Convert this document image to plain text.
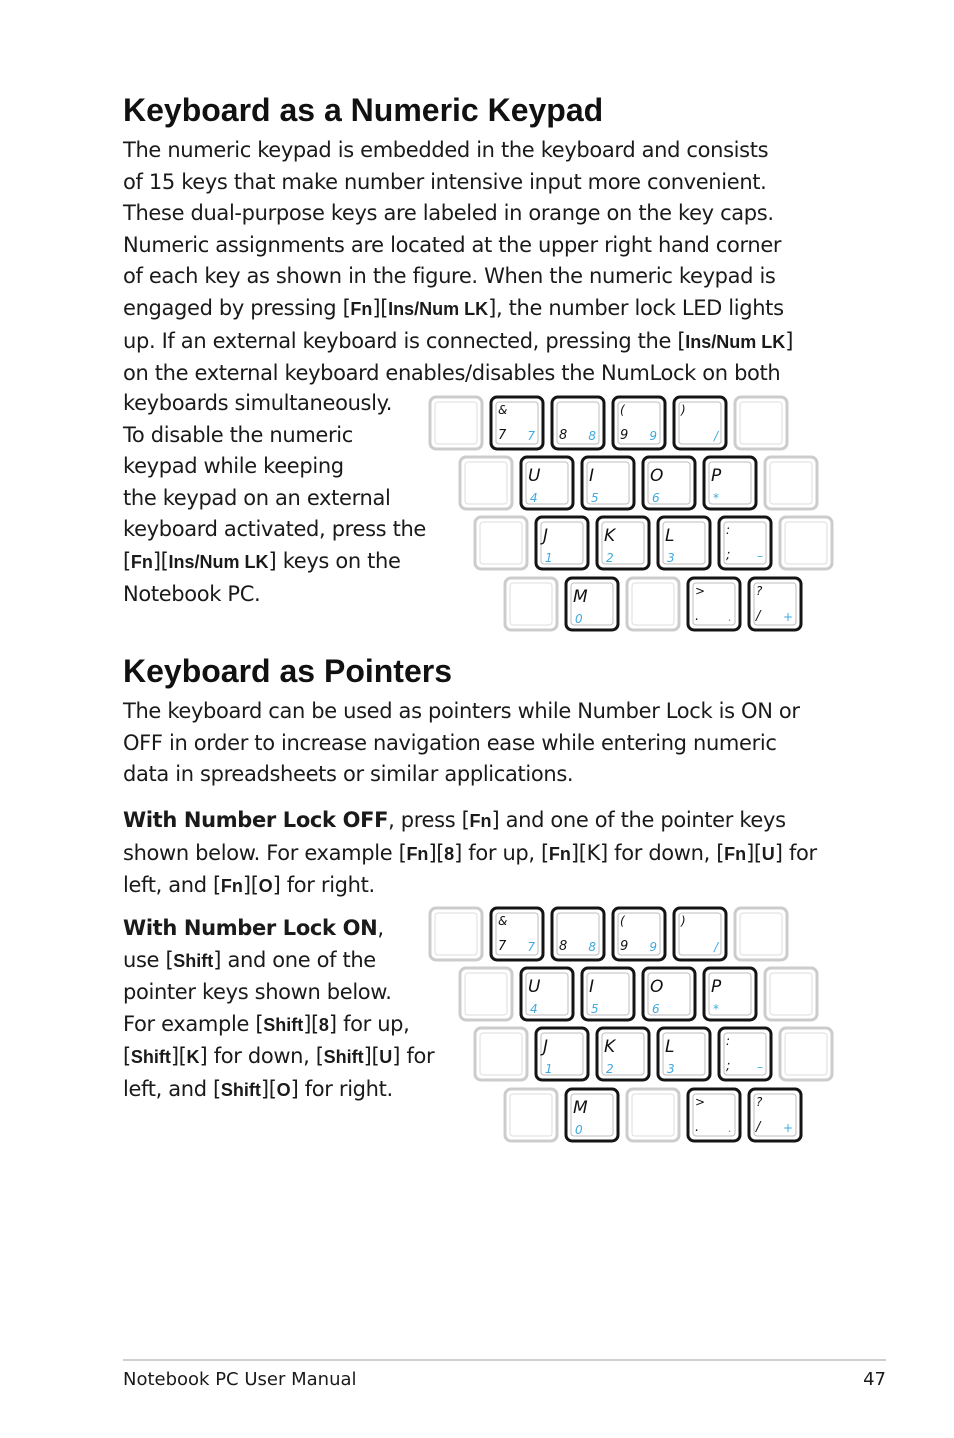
Keyboard as a Numeric Keypad
The numeric keypad is embedded in the keyboard and consists
of 15 keys that make number intensive input more convenient.
These dual-purpose keys are labeled in orange on the key caps.
Numeric assignments are located at the upper right hand corner
of each key as shown in the figure. When the numeric keypad is
engaged by pressing [Fn][Ins/Num LK], the number lock LED lights
up. If an external keyboard is connected, pressing the [Ins/Num LK]
on the external keyboard enables/disables the NumLock on both
keyboards simultaneously.
To disable the numeric
keypad while keeping
the keypad on an external
keyboard activated, press the
[Fn][Ins/Num LK] keys on the
Notebook PC.
&
7 7 8 8
(
9 9
)
/
U
4
I
5
O
6
P
*
J
1
K
2
L
3
:
; –
M
0
>
. .
?
/ +
Keyboard as Pointers
The keyboard can be used as pointers while Number Lock is ON or
OFF in order to increase navigation ease while entering numeric
data in spreadsheets or similar applications.
With Number Lock OFF, press [Fn] and one of the pointer keys
shown below. For example [Fn][8] for up, [Fn][K] for down, [Fn][U] for
left, and [Fn][O] for right.
With Number Lock ON,
use [Shift] and one of the
pointer keys shown below.
For example [Shift][8] for up,
[Shift][K] for down, [Shift][U] for
left, and [Shift][O] for right.
&
7 7 8 8
(
9 9
)
/
U
4
I
5
O
6
P
*
J
1
K
2
L
3
:
; –
M
0
>
. .
?
/ +
Notebook PC User Manual	47
